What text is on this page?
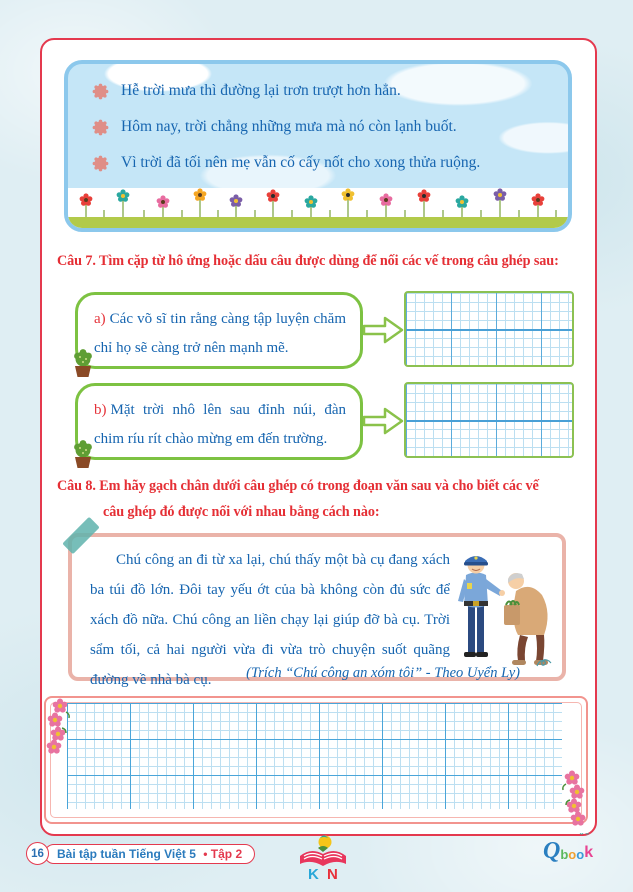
Hễ trời mưa thì đường lại trơn trượt hơn hẳn.
Hôm nay, trời chẳng những mưa mà nó còn lạnh buốt.
Vì trời đã tối nên mẹ vẫn cố cấy nốt cho xong thửa ruộng.
Câu 7. Tìm cặp từ hô ứng hoặc dấu câu được dùng để nối các vế trong câu ghép sau:
a) Các võ sĩ tin rằng càng tập luyện chăm chỉ họ sẽ càng trở nên mạnh mẽ.
b) Mặt trời nhô lên sau đỉnh núi, đàn chim ríu rít chào mừng em đến trường.
Câu 8. Em hãy gạch chân dưới câu ghép có trong đoạn văn sau và cho biết các vế
câu ghép đó được nối với nhau bằng cách nào:
Chú công an đi từ xa lại, chú thấy một bà cụ đang xách ba túi đồ lớn. Đôi tay yếu ớt của bà không còn đủ sức để xách đồ nữa. Chú công an liền chạy lại giúp đỡ bà cụ. Trời sẩm tối, cả hai người vừa đi vừa trò chuyện suốt quãng đường về nhà bà cụ.	(Trích “Chú công an xóm tôi” - Theo Uyển Ly)
16	Bài tập tuần Tiếng Việt 5 • Tập 2
K N
ˇˇ
Q b o o k
